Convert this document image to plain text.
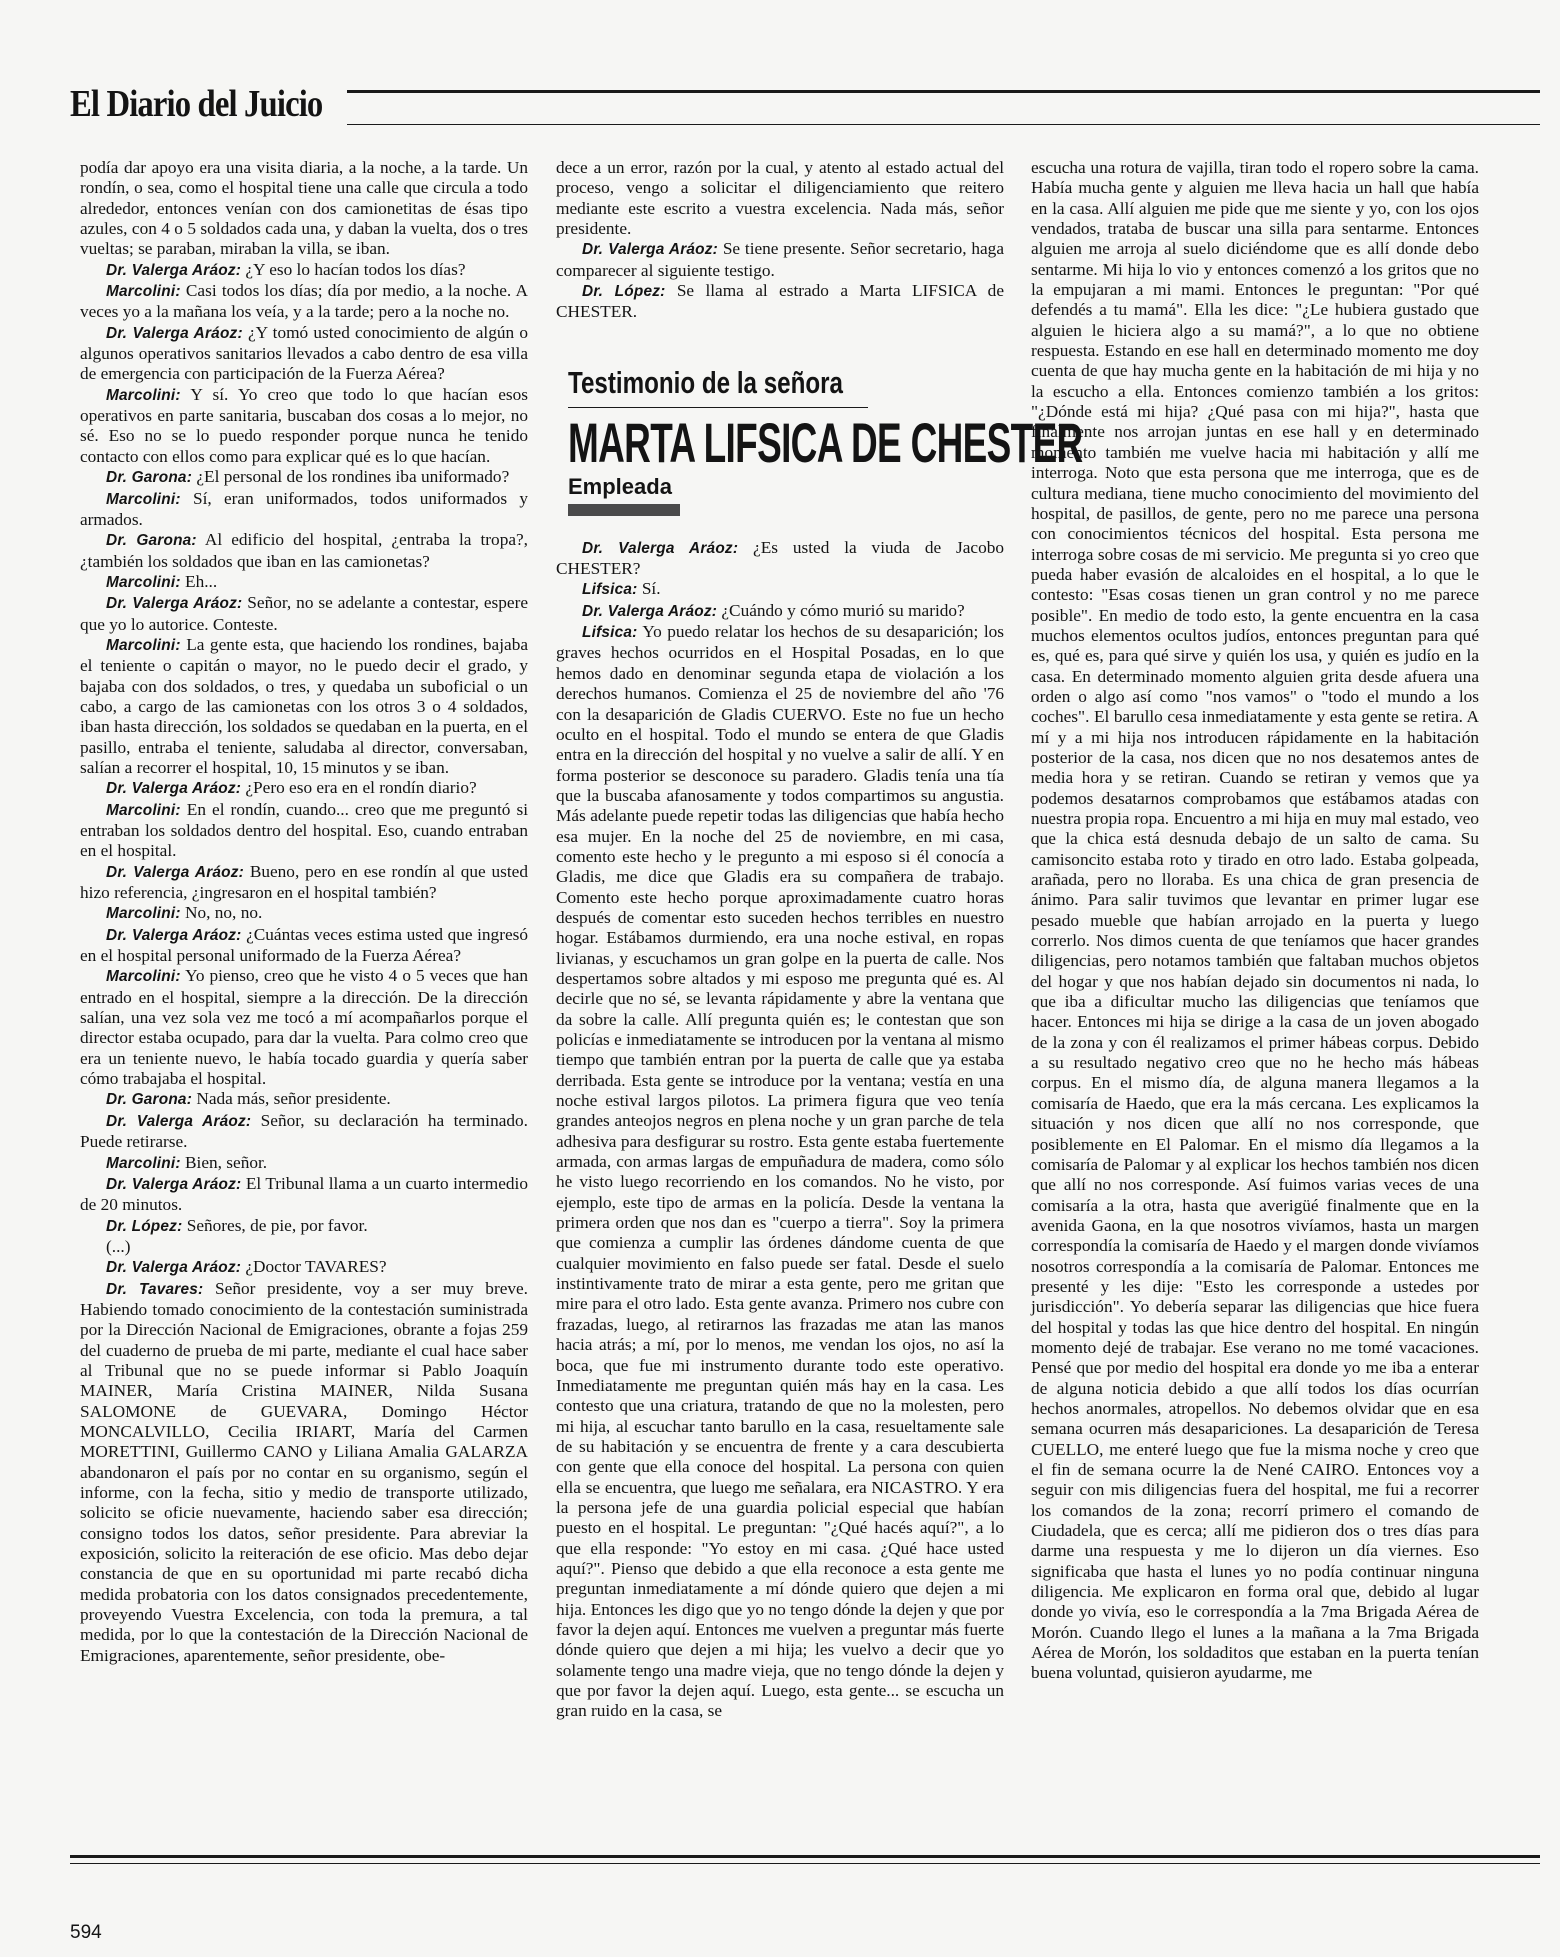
El Diario del Juicio

podía dar apoyo era una visita diaria, a la noche, a la tarde. Un rondín, o sea, como el hospital tiene una calle que circula a todo alrededor, entonces venían con dos camionetitas de ésas tipo azules, con 4 o 5 soldados cada una, y daban la vuelta, dos o tres vueltas; se paraban, miraban la villa, se iban.

Dr. Valerga Aráoz: ¿Y eso lo hacían todos los días?

Marcolini: Casi todos los días; día por medio, a la noche. A veces yo a la mañana los veía, y a la tarde; pero a la noche no.

Dr. Valerga Aráoz: ¿Y tomó usted conocimiento de algún o algunos operativos sanitarios llevados a cabo dentro de esa villa de emergencia con participación de la Fuerza Aérea?

Marcolini: Y sí. Yo creo que todo lo que hacían esos operativos en parte sanitaria, buscaban dos cosas a lo mejor, no sé. Eso no se lo puedo responder porque nunca he tenido contacto con ellos como para explicar qué es lo que hacían.

Dr. Garona: ¿El personal de los rondines iba uniformado?

Marcolini: Sí, eran uniformados, todos uniformados y armados.

Dr. Garona: Al edificio del hospital, ¿entraba la tropa?, ¿también los soldados que iban en las camionetas?

Marcolini: Eh...

Dr. Valerga Aráoz: Señor, no se adelante a contestar, espere que yo lo autorice. Conteste.

Marcolini: La gente esta, que haciendo los rondines, bajaba el teniente o capitán o mayor, no le puedo decir el grado, y bajaba con dos soldados, o tres, y quedaba un suboficial o un cabo, a cargo de las camionetas con los otros 3 o 4 soldados, iban hasta dirección, los soldados se quedaban en la puerta, en el pasillo, entraba el teniente, saludaba al director, conversaban, salían a recorrer el hospital, 10, 15 minutos y se iban.

Dr. Valerga Aráoz: ¿Pero eso era en el rondín diario?

Marcolini: En el rondín, cuando... creo que me preguntó si entraban los soldados dentro del hospital. Eso, cuando entraban en el hospital.

Dr. Valerga Aráoz: Bueno, pero en ese rondín al que usted hizo referencia, ¿ingresaron en el hospital también?

Marcolini: No, no, no.

Dr. Valerga Aráoz: ¿Cuántas veces estima usted que ingresó en el hospital personal uniformado de la Fuerza Aérea?

Marcolini: Yo pienso, creo que he visto 4 o 5 veces que han entrado en el hospital, siempre a la dirección. De la dirección salían, una vez sola vez me tocó a mí acompañarlos porque el director estaba ocupado, para dar la vuelta. Para colmo creo que era un teniente nuevo, le había tocado guardia y quería saber cómo trabajaba el hospital.

Dr. Garona: Nada más, señor presidente.

Dr. Valerga Aráoz: Señor, su declaración ha terminado. Puede retirarse.

Marcolini: Bien, señor.

Dr. Valerga Aráoz: El Tribunal llama a un cuarto intermedio de 20 minutos.

Dr. López: Señores, de pie, por favor.

(...)

Dr. Valerga Aráoz: ¿Doctor TAVARES?

Dr. Tavares: Señor presidente, voy a ser muy breve. Habiendo tomado conocimiento de la contestación suministrada por la Dirección Nacional de Emigraciones, obrante a fojas 259 del cuaderno de prueba de mi parte, mediante el cual hace saber al Tribunal que no se puede informar si Pablo Joaquín MAINER, María Cristina MAINER, Nilda Susana SALOMONE de GUEVARA, Domingo Héctor MONCALVILLO, Cecilia IRIART, María del Carmen MORETTINI, Guillermo CANO y Liliana Amalia GALARZA abandonaron el país por no contar en su organismo, según el informe, con la fecha, sitio y medio de transporte utilizado, solicito se oficie nuevamente, haciendo saber esa dirección; consigno todos los datos, señor presidente. Para abreviar la exposición, solicito la reiteración de ese oficio. Mas debo dejar constancia de que en su oportunidad mi parte recabó dicha medida probatoria con los datos consignados precedentemente, proveyendo Vuestra Excelencia, con toda la premura, a tal medida, por lo que la contestación de la Dirección Nacional de Emigraciones, aparentemente, señor presidente, obe-

dece a un error, razón por la cual, y atento al estado actual del proceso, vengo a solicitar el diligenciamiento que reitero mediante este escrito a vuestra excelencia. Nada más, señor presidente.

Dr. Valerga Aráoz: Se tiene presente. Señor secretario, haga comparecer al siguiente testigo.

Dr. López: Se llama al estrado a Marta LIFSICA de CHESTER.

Testimonio de la señora
MARTA LIFSICA DE CHESTER
Empleada

Dr. Valerga Aráoz: ¿Es usted la viuda de Jacobo CHESTER?

Lifsica: Sí.

Dr. Valerga Aráoz: ¿Cuándo y cómo murió su marido?

Lifsica: Yo puedo relatar los hechos de su desaparición; los graves hechos ocurridos en el Hospital Posadas, en lo que hemos dado en denominar segunda etapa de violación a los derechos humanos. Comienza el 25 de noviembre del año '76 con la desaparición de Gladis CUERVO. Este no fue un hecho oculto en el hospital. Todo el mundo se entera de que Gladis entra en la dirección del hospital y no vuelve a salir de allí. Y en forma posterior se desconoce su paradero. Gladis tenía una tía que la buscaba afanosamente y todos compartimos su angustia. Más adelante puede repetir todas las diligencias que había hecho esa mujer. En la noche del 25 de noviembre, en mi casa, comento este hecho y le pregunto a mi esposo si él conocía a Gladis, me dice que Gladis era su compañera de trabajo. Comento este hecho porque aproximadamente cuatro horas después de comentar esto suceden hechos terribles en nuestro hogar. Estábamos durmiendo, era una noche estival, en ropas livianas, y escuchamos un gran golpe en la puerta de calle. Nos despertamos sobre altados y mi esposo me pregunta qué es. Al decirle que no sé, se levanta rápidamente y abre la ventana que da sobre la calle. Allí pregunta quién es; le contestan que son policías e inmediatamente se introducen por la ventana al mismo tiempo que también entran por la puerta de calle que ya estaba derribada. Esta gente se introduce por la ventana; vestía en una noche estival largos pilotos. La primera figura que veo tenía grandes anteojos negros en plena noche y un gran parche de tela adhesiva para desfigurar su rostro. Esta gente estaba fuertemente armada, con armas largas de empuñadura de madera, como sólo he visto luego recorriendo en los comandos. No he visto, por ejemplo, este tipo de armas en la policía. Desde la ventana la primera orden que nos dan es "cuerpo a tierra". Soy la primera que comienza a cumplir las órdenes dándome cuenta de que cualquier movimiento en falso puede ser fatal. Desde el suelo instintivamente trato de mirar a esta gente, pero me gritan que mire para el otro lado. Esta gente avanza. Primero nos cubre con frazadas, luego, al retirarnos las frazadas me atan las manos hacia atrás; a mí, por lo menos, me vendan los ojos, no así la boca, que fue mi instrumento durante todo este operativo. Inmediatamente me preguntan quién más hay en la casa. Les contesto que una criatura, tratando de que no la molesten, pero mi hija, al escuchar tanto barullo en la casa, resueltamente sale de su habitación y se encuentra de frente y a cara descubierta con gente que ella conoce del hospital. La persona con quien ella se encuentra, que luego me señalara, era NICASTRO. Y era la persona jefe de una guardia policial especial que habían puesto en el hospital. Le preguntan: "¿Qué hacés aquí?", a lo que ella responde: "Yo estoy en mi casa. ¿Qué hace usted aquí?". Pienso que debido a que ella reconoce a esta gente me preguntan inmediatamente a mí dónde quiero que dejen a mi hija. Entonces les digo que yo no tengo dónde la dejen y que por favor la dejen aquí. Entonces me vuelven a preguntar más fuerte dónde quiero que dejen a mi hija; les vuelvo a decir que yo solamente tengo una madre vieja, que no tengo dónde la dejen y que por favor la dejen aquí. Luego, esta gente... se escucha un gran ruido en la casa, se

escucha una rotura de vajilla, tiran todo el ropero sobre la cama. Había mucha gente y alguien me lleva hacia un hall que había en la casa. Allí alguien me pide que me siente y yo, con los ojos vendados, trataba de buscar una silla para sentarme. Entonces alguien me arroja al suelo diciéndome que es allí donde debo sentarme. Mi hija lo vio y entonces comenzó a los gritos que no la empujaran a mi mami. Entonces le preguntan: "Por qué defendés a tu mamá". Ella les dice: "¿Le hubiera gustado que alguien le hiciera algo a su mamá?", a lo que no obtiene respuesta. Estando en ese hall en determinado momento me doy cuenta de que hay mucha gente en la habitación de mi hija y no la escucho a ella. Entonces comienzo también a los gritos: "¿Dónde está mi hija? ¿Qué pasa con mi hija?", hasta que finalmente nos arrojan juntas en ese hall y en determinado momento también me vuelve hacia mi habitación y allí me interroga. Noto que esta persona que me interroga, que es de cultura mediana, tiene mucho conocimiento del movimiento del hospital, de pasillos, de gente, pero no me parece una persona con conocimientos técnicos del hospital. Esta persona me interroga sobre cosas de mi servicio. Me pregunta si yo creo que pueda haber evasión de alcaloides en el hospital, a lo que le contesto: "Esas cosas tienen un gran control y no me parece posible". En medio de todo esto, la gente encuentra en la casa muchos elementos ocultos judíos, entonces preguntan para qué es, qué es, para qué sirve y quién los usa, y quién es judío en la casa. En determinado momento alguien grita desde afuera una orden o algo así como "nos vamos" o "todo el mundo a los coches". El barullo cesa inmediatamente y esta gente se retira. A mí y a mi hija nos introducen rápidamente en la habitación posterior de la casa, nos dicen que no nos desatemos antes de media hora y se retiran. Cuando se retiran y vemos que ya podemos desatarnos comprobamos que estábamos atadas con nuestra propia ropa. Encuentro a mi hija en muy mal estado, veo que la chica está desnuda debajo de un salto de cama. Su camisoncito estaba roto y tirado en otro lado. Estaba golpeada, arañada, pero no lloraba. Es una chica de gran presencia de ánimo. Para salir tuvimos que levantar en primer lugar ese pesado mueble que habían arrojado en la puerta y luego correrlo. Nos dimos cuenta de que teníamos que hacer grandes diligencias, pero notamos también que faltaban muchos objetos del hogar y que nos habían dejado sin documentos ni nada, lo que iba a dificultar mucho las diligencias que teníamos que hacer. Entonces mi hija se dirige a la casa de un joven abogado de la zona y con él realizamos el primer hábeas corpus. Debido a su resultado negativo creo que no he hecho más hábeas corpus. En el mismo día, de alguna manera llegamos a la comisaría de Haedo, que era la más cercana. Les explicamos la situación y nos dicen que allí no nos corresponde, que posiblemente en El Palomar. En el mismo día llegamos a la comisaría de Palomar y al explicar los hechos también nos dicen que allí no nos corresponde. Así fuimos varias veces de una comisaría a la otra, hasta que averigüé finalmente que en la avenida Gaona, en la que nosotros vivíamos, hasta un margen correspondía la comisaría de Haedo y el margen donde vivíamos nosotros correspondía a la comisaría de Palomar. Entonces me presenté y les dije: "Esto les corresponde a ustedes por jurisdicción". Yo debería separar las diligencias que hice fuera del hospital y todas las que hice dentro del hospital. En ningún momento dejé de trabajar. Ese verano no me tomé vacaciones. Pensé que por medio del hospital era donde yo me iba a enterar de alguna noticia debido a que allí todos los días ocurrían hechos anormales, atropellos. No debemos olvidar que en esa semana ocurren más desapariciones. La desaparición de Teresa CUELLO, me enteré luego que fue la misma noche y creo que el fin de semana ocurre la de Nené CAIRO. Entonces voy a seguir con mis diligencias fuera del hospital, me fui a recorrer los comandos de la zona; recorrí primero el comando de Ciudadela, que es cerca; allí me pidieron dos o tres días para darme una respuesta y me lo dijeron un día viernes. Eso significaba que hasta el lunes yo no podía continuar ninguna diligencia. Me explicaron en forma oral que, debido al lugar donde yo vivía, eso le correspondía a la 7ma Brigada Aérea de Morón. Cuando llego el lunes a la mañana a la 7ma Brigada Aérea de Morón, los soldaditos que estaban en la puerta tenían buena voluntad, quisieron ayudarme, me

594
